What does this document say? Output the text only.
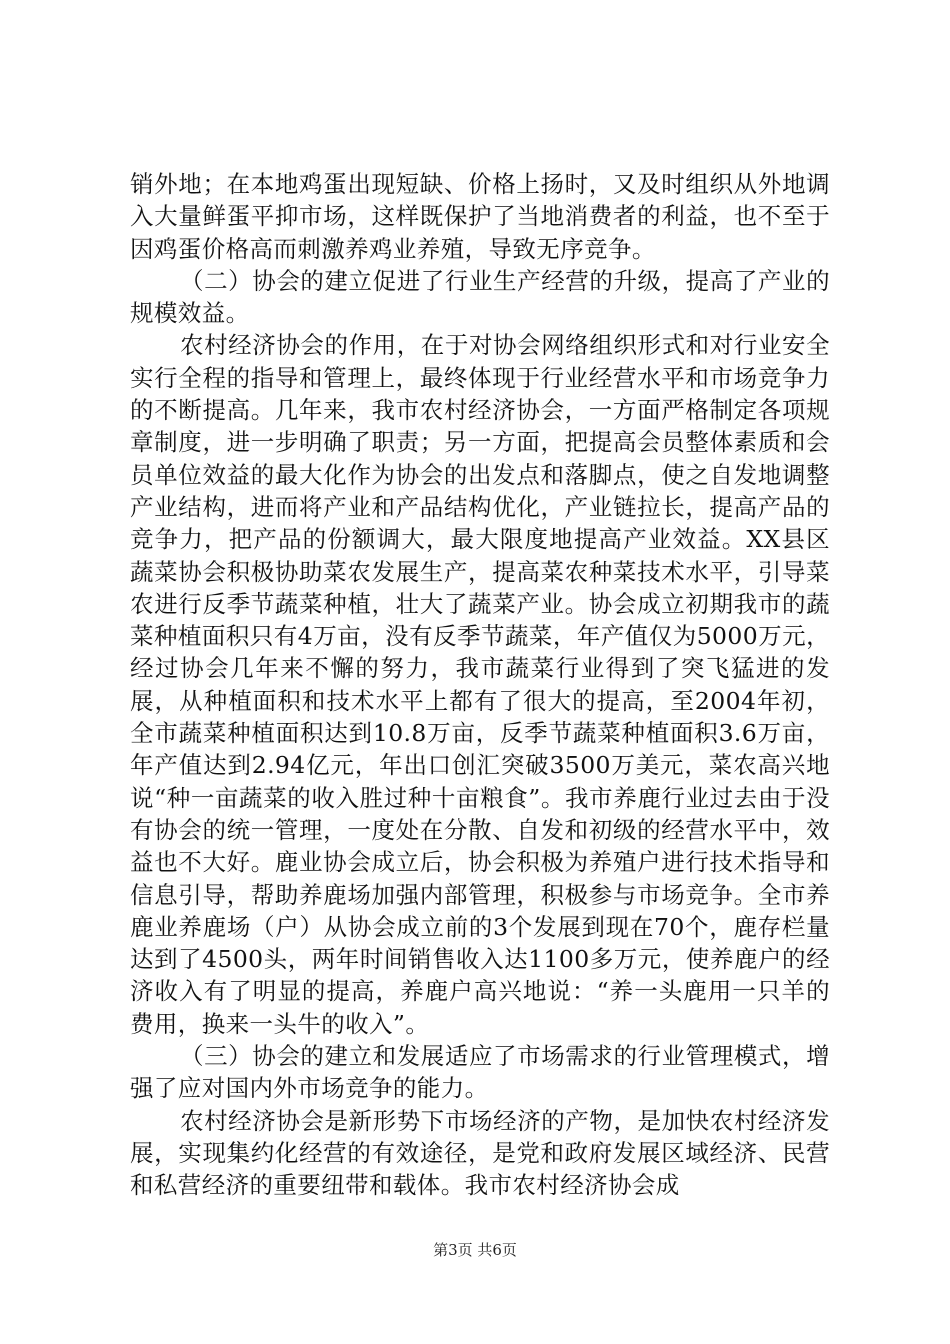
销外地；在本地鸡蛋出现短缺、价格上扬时，又及时组织从外地调入大量鲜蛋平抑市场，这样既保护了当地消费者的利益，也不至于因鸡蛋价格高而刺激养鸡业养殖，导致无序竞争。

（二）协会的建立促进了行业生产经营的升级，提高了产业的规模效益。

农村经济协会的作用，在于对协会网络组织形式和对行业安全实行全程的指导和管理上，最终体现于行业经营水平和市场竞争力的不断提高。几年来，我市农村经济协会，一方面严格制定各项规章制度，进一步明确了职责；另一方面，把提高会员整体素质和会员单位效益的最大化作为协会的出发点和落脚点，使之自发地调整产业结构，进而将产业和产品结构优化，产业链拉长，提高产品的竞争力，把产品的份额调大，最大限度地提高产业效益。XX县区蔬菜协会积极协助菜农发展生产，提高菜农种菜技术水平，引导菜农进行反季节蔬菜种植，壮大了蔬菜产业。协会成立初期我市的蔬菜种植面积只有4万亩，没有反季节蔬菜，年产值仅为5000万元，经过协会几年来不懈的努力，我市蔬菜行业得到了突飞猛进的发展，从种植面积和技术水平上都有了很大的提高，至2004年初，全市蔬菜种植面积达到10.8万亩，反季节蔬菜种植面积3.6万亩，年产值达到2.94亿元，年出口创汇突破3500万美元，菜农高兴地说“种一亩蔬菜的收入胜过种十亩粮食”。我市养鹿行业过去由于没有协会的统一管理，一度处在分散、自发和初级的经营水平中，效益也不大好。鹿业协会成立后，协会积极为养殖户进行技术指导和信息引导，帮助养鹿场加强内部管理，积极参与市场竞争。全市养鹿业养鹿场（户）从协会成立前的3个发展到现在70个，鹿存栏量达到了4500头，两年时间销售收入达1100多万元，使养鹿户的经济收入有了明显的提高，养鹿户高兴地说：“养一头鹿用一只羊的费用，换来一头牛的收入”。

（三）协会的建立和发展适应了市场需求的行业管理模式，增强了应对国内外市场竞争的能力。

农村经济协会是新形势下市场经济的产物，是加快农村经济发展，实现集约化经营的有效途径，是党和政府发展区域经济、民营和私营经济的重要纽带和载体。我市农村经济协会成

第3页 共6页
